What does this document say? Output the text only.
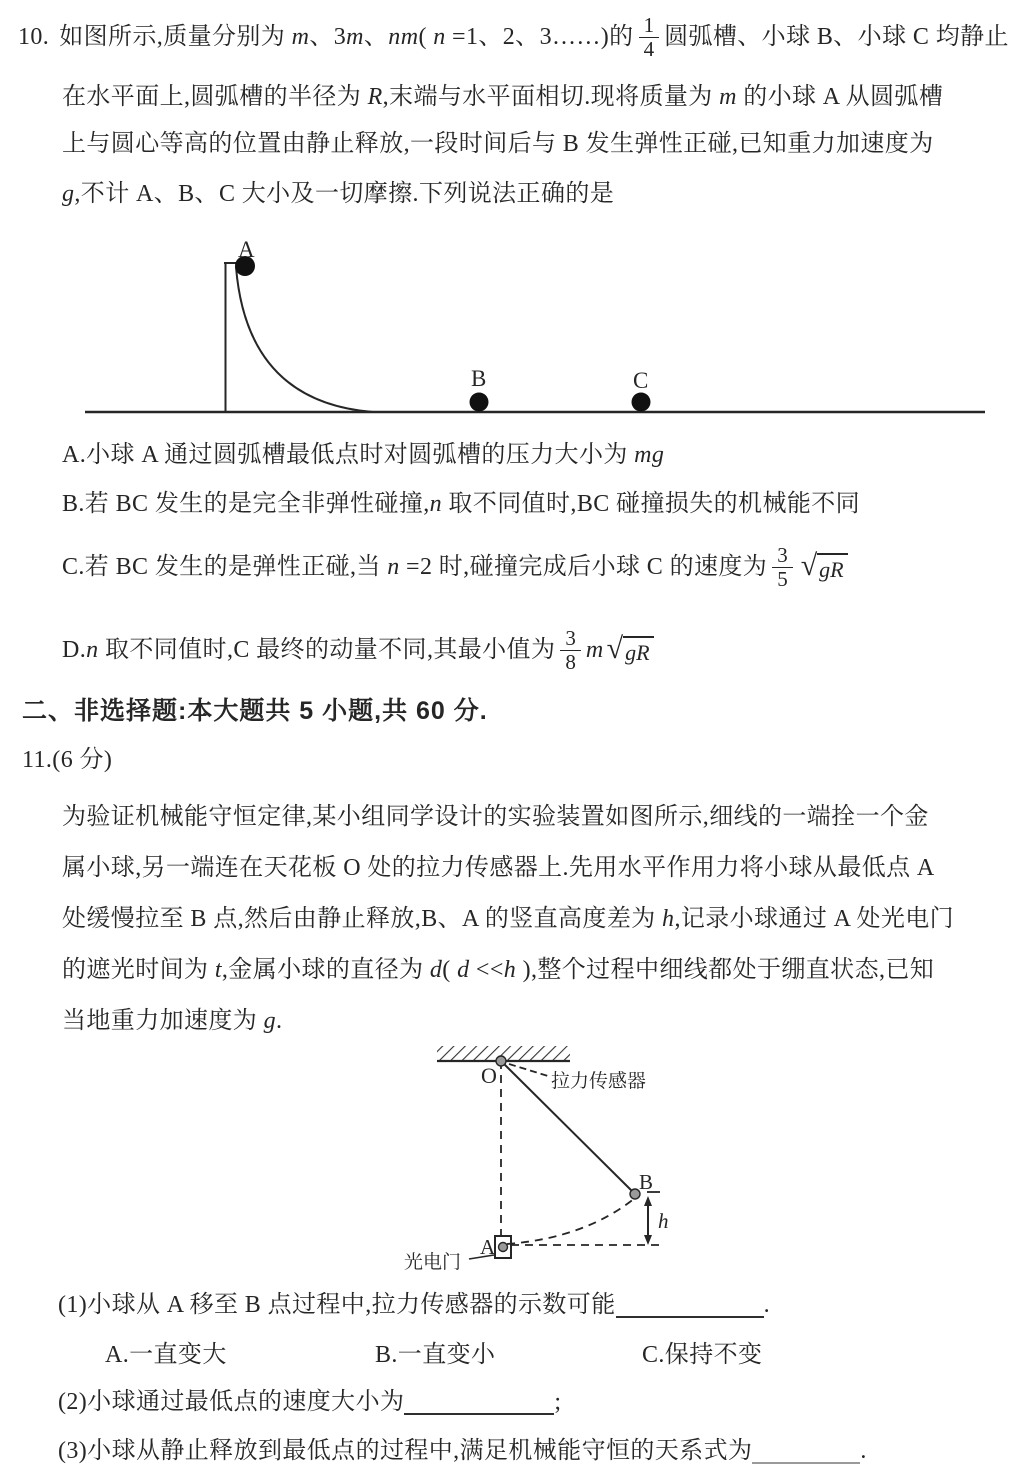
10. 如图所示,质量分别为 m、3m、nm( n =1、2、3……)的 $\frac{1}{4}$ 圆弧槽、小球 B、小球 C 均静止
在水平面上,圆弧槽的半径为 R,末端与水平面相切.现将质量为 m 的小球 A 从圆弧槽
上与圆心等高的位置由静止释放,一段时间后与 B 发生弹性正碰,已知重力加速度为
g,不计 A、B、C 大小及一切摩擦.下列说法正确的是
A
B	C
A.小球 A 通过圆弧槽最低点时对圆弧槽的压力大小为 mg
B.若 BC 发生的是完全非弹性碰撞,n 取不同值时,BC 碰撞损失的机械能不同
C.若 BC 发生的是弹性正碰,当 n =2 时,碰撞完成后小球 C 的速度为 $\frac{3}{5}$ √ gR
D.n 取不同值时,C 最终的动量不同,其最小值为 $\frac{3}{8}$ m √ gR
二、非选择题:本大题共 5 小题,共 60 分.
11.(6 分)
为验证机械能守恒定律,某小组同学设计的实验装置如图所示,细线的一端拴一个金
属小球,另一端连在天花板 O 处的拉力传感器上.先用水平作用力将小球从最低点 A
处缓慢拉至 B 点,然后由静止释放,B、A 的竖直高度差为 h,记录小球通过 A 处光电门
的遮光时间为 t,金属小球的直径为 d( d <<h ),整个过程中细线都处于绷直状态,已知
当地重力加速度为 g.
O	拉力传感器
B
A
光电门
h
(1)小球从 A 移至 B 点过程中,拉力传感器的示数可能	.
A.一直变大	B.一直变小	C.保持不变
(2)小球通过最低点的速度大小为	;
(3)小球从静止释放到最低点的过程中,满足机械能守恒的天系式为	.
